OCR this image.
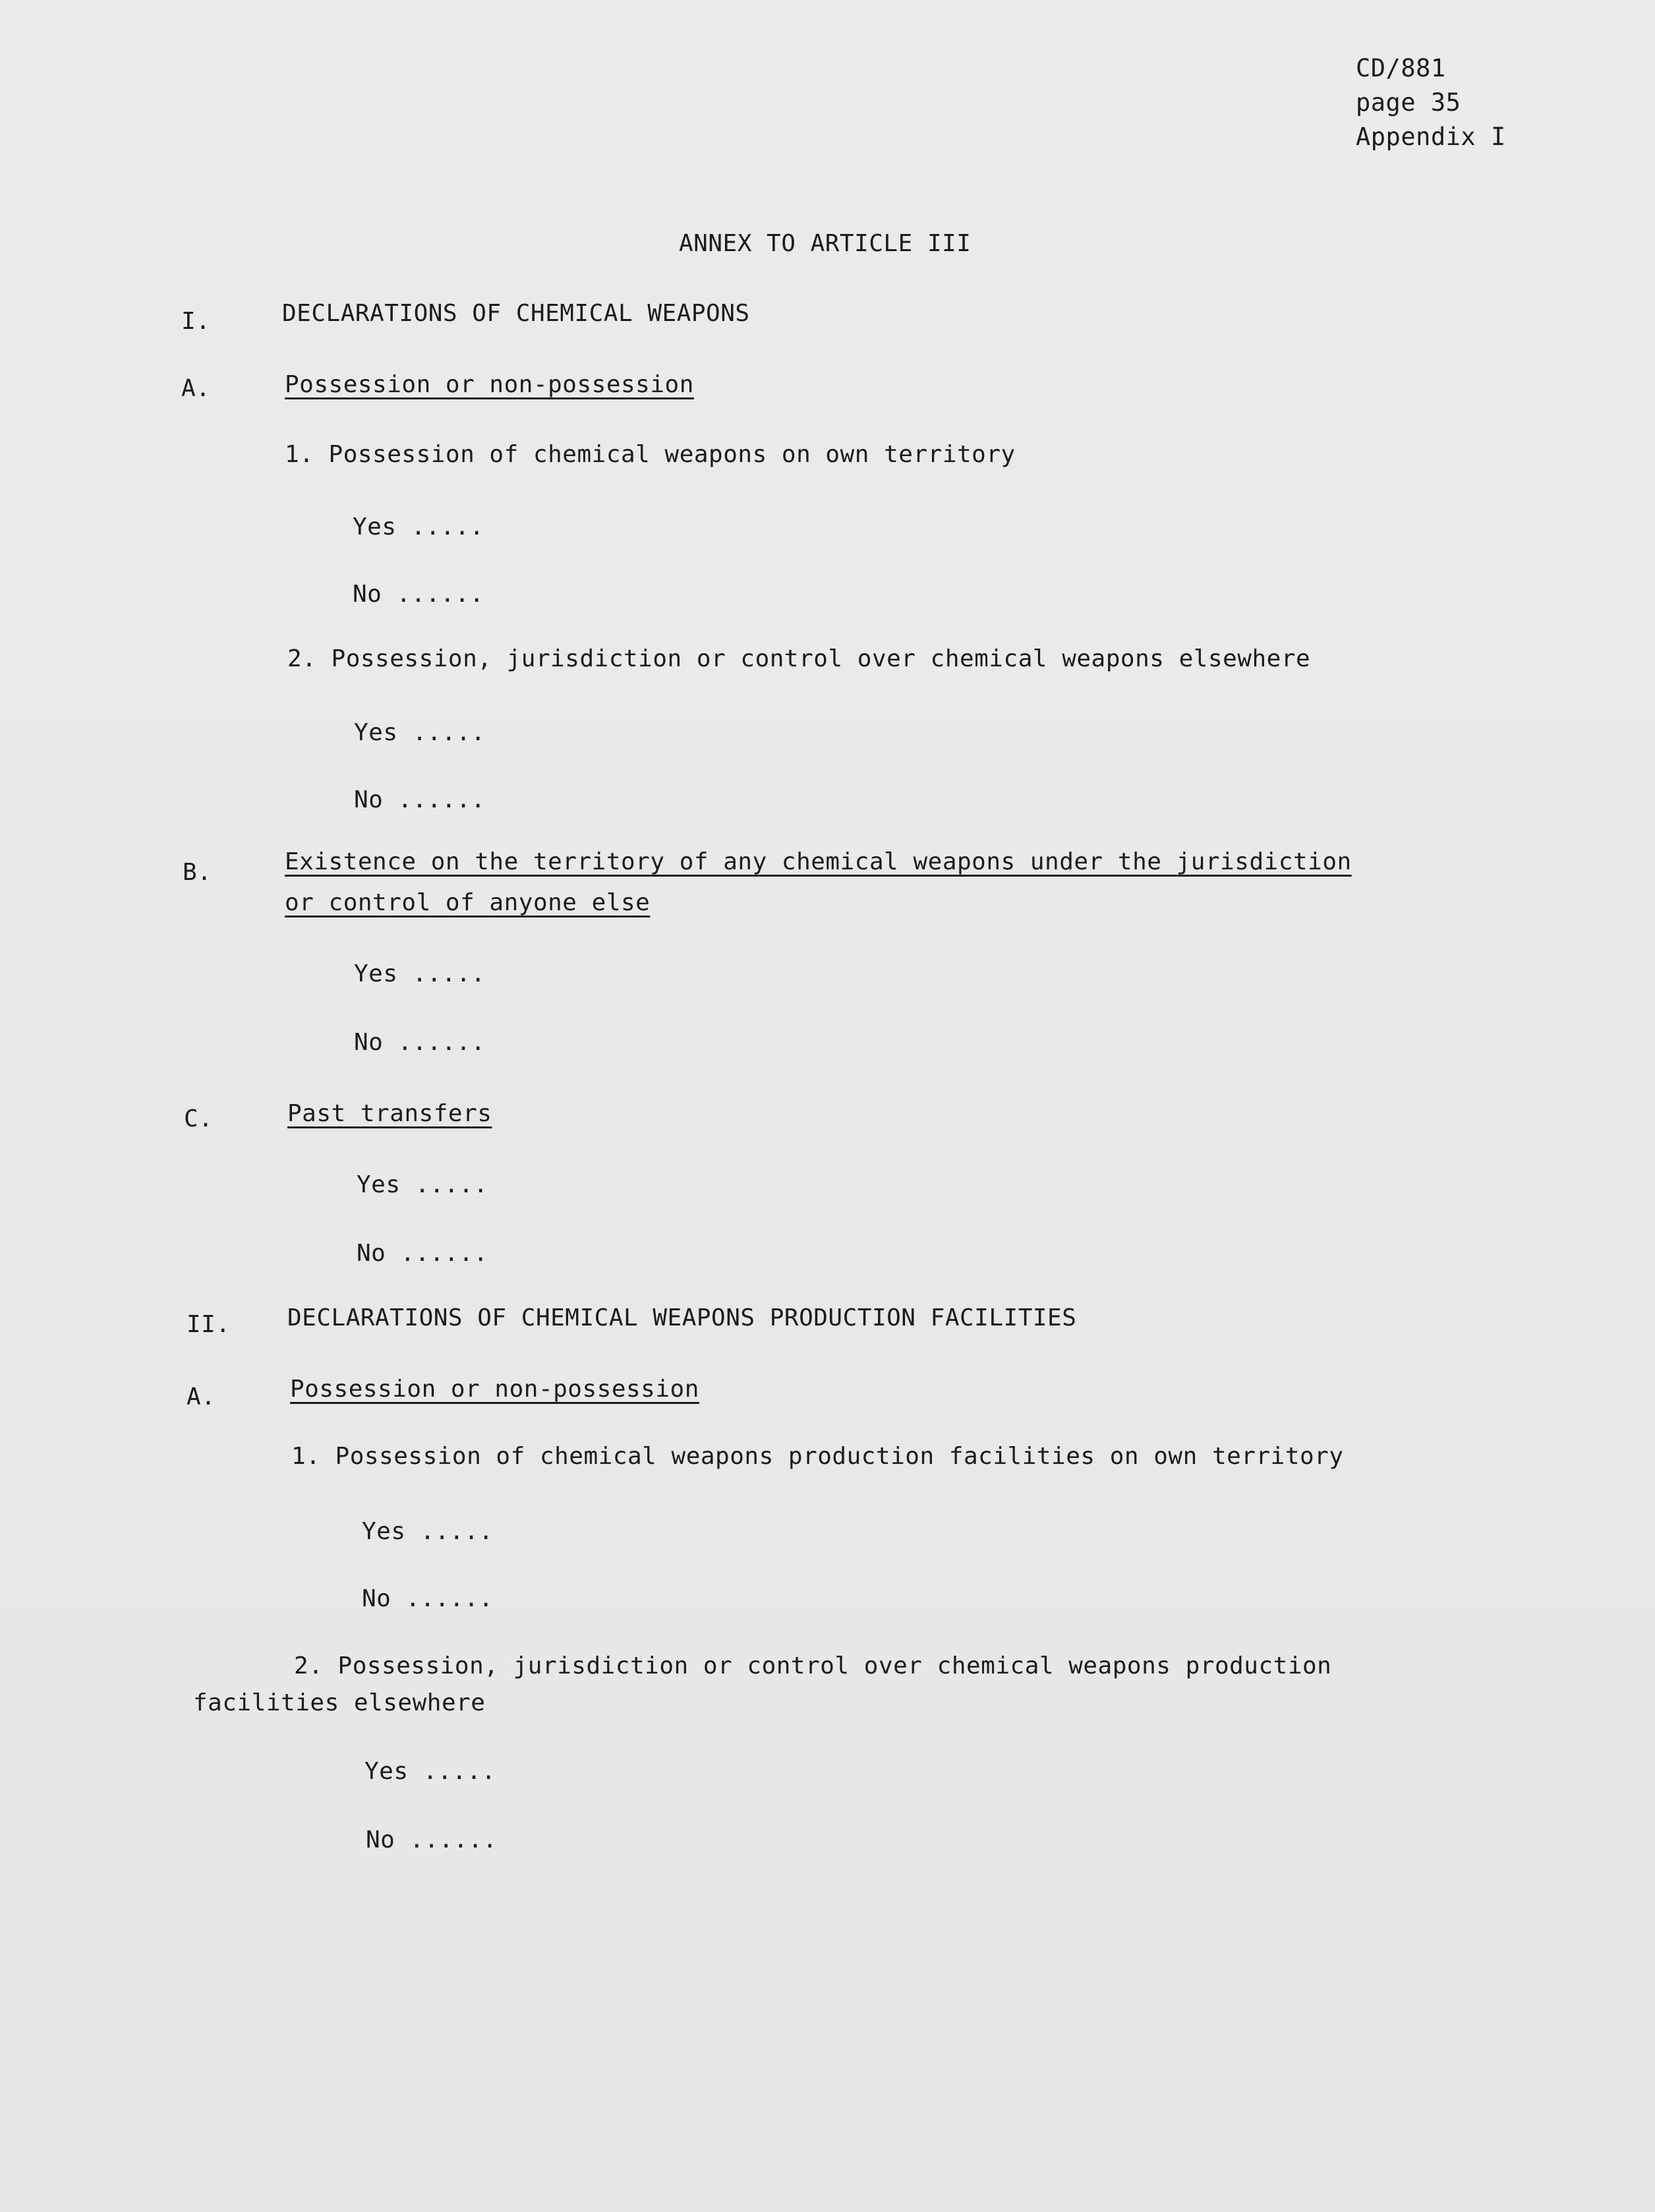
CD/881
page 35
Appendix I
ANNEX TO ARTICLE III
I.	DECLARATIONS OF CHEMICAL WEAPONS
A.	Possession or non-possession
1. Possession of chemical weapons on own territory
Yes .....
No ......
2. Possession, jurisdiction or control over chemical weapons elsewhere
Yes .....
No ......
B.	Existence on the territory of any chemical weapons under the jurisdiction
or control of anyone else
Yes .....
No ......
C.	Past transfers
Yes .....
No ......
II. DECLARATIONS OF CHEMICAL WEAPONS PRODUCTION FACILITIES
A.	Possession or non-possession
1. Possession of chemical weapons production facilities on own territory
Yes .....
No ......
2. Possession, jurisdiction or control over chemical weapons production
facilities elsewhere
Yes .....
No ......
